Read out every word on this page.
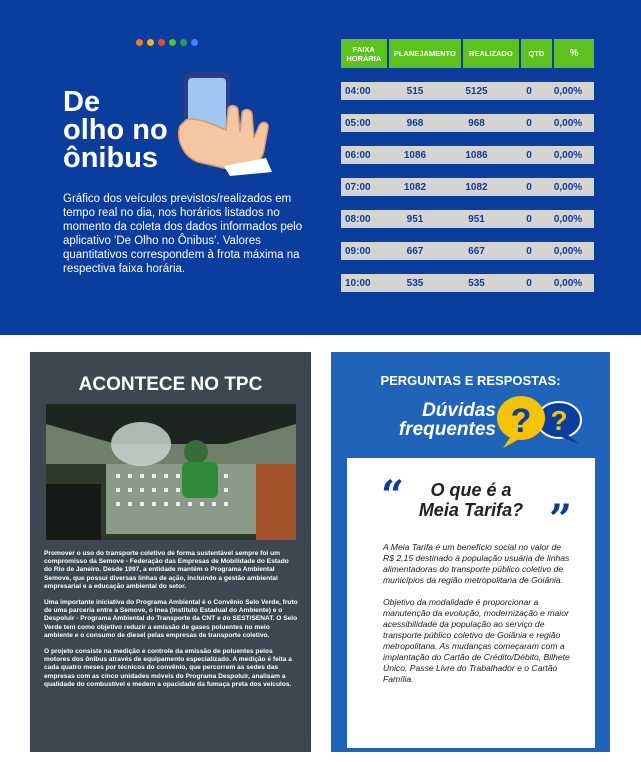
De
olho no
ônibus
Gráfico dos veículos previstos/realizados em tempo real no dia, nos horários listados no momento da coleta dos dados informados pelo aplicativo 'De Olho no Ônibus'. Valores quantitativos correspondem à frota máxima na respectiva faixa horária.
FAIXA HORÁRIA	PLANEJAMENTO	REALIZADO	QTD	%
04:00	515	5125	0	0,00%
05:00	968	968	0	0,00%
06:00	1086	1086	0	0,00%
07:00	1082	1082	0	0,00%
08:00	951	951	0	0,00%
09:00	667	667	0	0,00%
10:00	535	535	0	0,00%
ACONTECE NO TPC

Promover o uso do transporte coletivo de forma sustentável sempre foi um compromisso da Semove - Federação das Empresas de Mobilidade do Estado do Rio de Janeiro. Desde 1997, a entidade mantém o Programa Ambiental Semove, que possui diversas linhas de ação, incluindo a gestão ambiental empresarial e a educação ambiental do setor.

Uma importante iniciativa do Programa Ambiental é o Convênio Selo Verde, fruto de uma parceria entre a Semove, o Inea (Instituto Estadual do Ambiente) e o Despoluir - Programa Ambiental do Transporte da CNT e do SEST/SENAT. O Selo Verde tem como objetivo reduzir a emissão de gases poluentes no meio ambiente e o consumo de diesel pelas empresas de transporte coletivo.

O projeto consiste na medição e controle da emissão de poluentes pelos motores dos ônibus através de equipamento especializado. A medição é feita a cada quatro meses por técnicos do convênio, que percorrem as sedes das empresas com as cinco unidades móveis do Programa Despoluir, analisam a qualidade do combustível e medem a opacidade da fumaça preta dos veículos.

PERGUNTAS E RESPOSTAS:
Dúvidas
frequentes ?
?
“	O que é a
Meia Tarifa? ”

A Meia Tarifa é um benefício social no valor de R$ 2,15 destinado à população usuária de linhas alimentadoras do transporte público coletivo de municípios da região metropolitana de Goiânia.

Objetivo da modalidade é proporcionar a manutenção da evolução, modernização e maior acessibilidade da população ao serviço de transporte público coletivo de Goiânia e região metropolitana. As mudanças começaram com a implantação do Cartão de Crédito/Débito, Bilhete Único, Passe Livre do Trabalhador e o Cartão Família.
